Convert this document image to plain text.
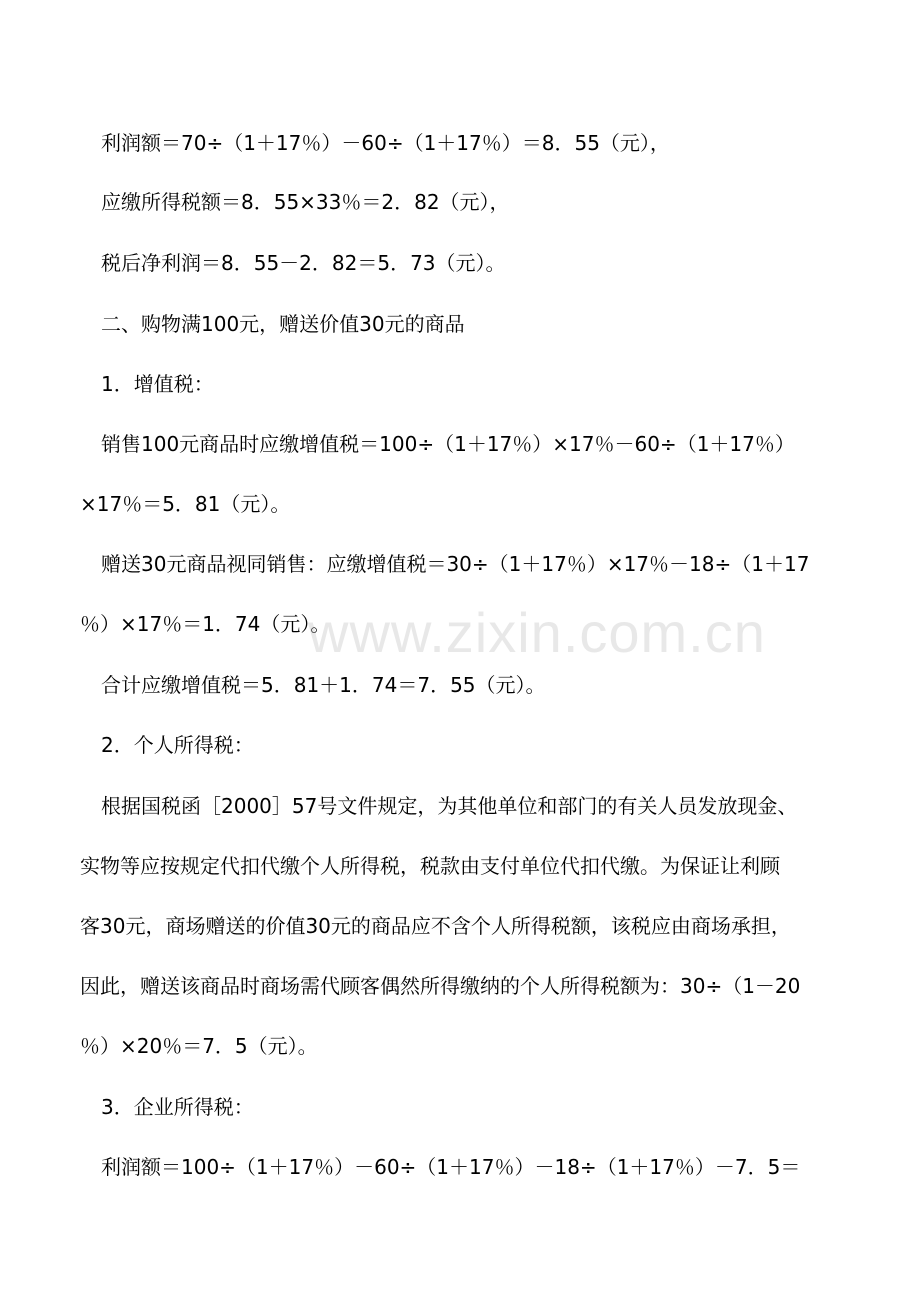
利润额＝70÷（1＋17％）－60÷（1＋17％）＝8．55（元），
应缴所得税额＝8．55×33％＝2．82（元），
税后净利润＝8．55－2．82＝5．73（元）。
二、购物满100元，赠送价值30元的商品
1．增值税：
销售100元商品时应缴增值税＝100÷（1＋17％）×17％－60÷（1＋17％）
×17％＝5．81（元）。
赠送30元商品视同销售：应缴增值税＝30÷（1＋17％）×17％－18÷（1＋17
％）×17％＝1．74（元）。
合计应缴增值税＝5．81＋1．74＝7．55（元）。
2．个人所得税：
根据国税函［2000］57号文件规定，为其他单位和部门的有关人员发放现金、
实物等应按规定代扣代缴个人所得税，税款由支付单位代扣代缴。为保证让利顾
客30元，商场赠送的价值30元的商品应不含个人所得税额，该税应由商场承担，
因此，赠送该商品时商场需代顾客偶然所得缴纳的个人所得税额为：30÷（1－20
％）×20％＝7．5（元）。
3．企业所得税：
利润额＝100÷（1＋17％）－60÷（1＋17％）－18÷（1＋17％）－7．5＝
www.zixin.com.cn
